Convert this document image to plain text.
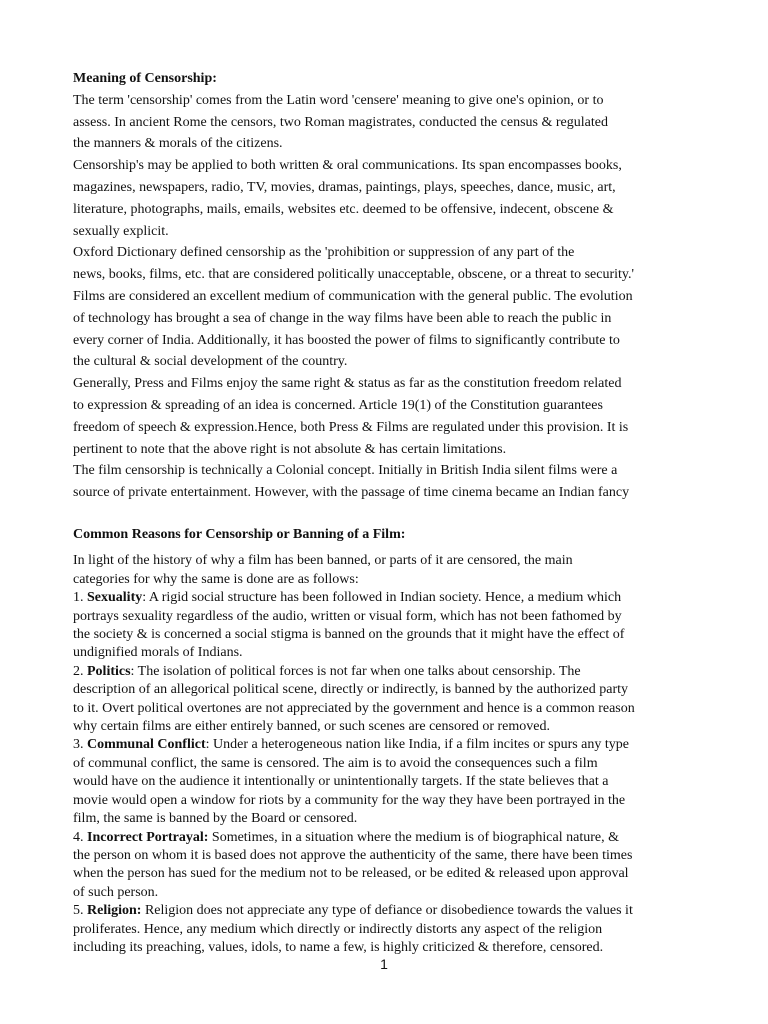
Meaning of Censorship:
The term 'censorship' comes from the Latin word 'censere' meaning to give one's opinion, or to
assess. In ancient Rome the censors, two Roman magistrates, conducted the census & regulated
the manners & morals of the citizens.
Censorship's may be applied to both written & oral communications. Its span encompasses books,
magazines, newspapers, radio, TV, movies, dramas, paintings, plays, speeches, dance, music, art,
literature, photographs, mails, emails, websites etc. deemed to be offensive, indecent, obscene &
sexually explicit.
Oxford Dictionary defined censorship as the 'prohibition or suppression of any part of the
news, books, films, etc. that are considered politically unacceptable, obscene, or a threat to security.'
Films are considered an excellent medium of communication with the general public. The evolution
of technology has brought a sea of change in the way films have been able to reach the public in
every corner of India. Additionally, it has boosted the power of films to significantly contribute to
the cultural & social development of the country.
Generally, Press and Films enjoy the same right & status as far as the constitution freedom related
to expression & spreading of an idea is concerned. Article 19(1) of the Constitution guarantees
freedom of speech & expression.Hence, both Press & Films are regulated under this provision. It is
pertinent to note that the above right is not absolute & has certain limitations.
The film censorship is technically a Colonial concept. Initially in British India silent films were a
source of private entertainment. However, with the passage of time cinema became an Indian fancy
Common Reasons for Censorship or Banning of a Film:
In light of the history of why a film has been banned, or parts of it are censored, the main
categories for why the same is done are as follows:
1. Sexuality: A rigid social structure has been followed in Indian society. Hence, a medium which
portrays sexuality regardless of the audio, written or visual form, which has not been fathomed by
the society & is concerned a social stigma is banned on the grounds that it might have the effect of
undignified morals of Indians.
2. Politics: The isolation of political forces is not far when one talks about censorship. The
description of an allegorical political scene, directly or indirectly, is banned by the authorized party
to it. Overt political overtones are not appreciated by the government and hence is a common reason
why certain films are either entirely banned, or such scenes are censored or removed.
3. Communal Conflict: Under a heterogeneous nation like India, if a film incites or spurs any type
of communal conflict, the same is censored. The aim is to avoid the consequences such a film
would have on the audience it intentionally or unintentionally targets. If the state believes that a
movie would open a window for riots by a community for the way they have been portrayed in the
film, the same is banned by the Board or censored.
4. Incorrect Portrayal: Sometimes, in a situation where the medium is of biographical nature, &
the person on whom it is based does not approve the authenticity of the same, there have been times
when the person has sued for the medium not to be released, or be edited & released upon approval
of such person.
5. Religion: Religion does not appreciate any type of defiance or disobedience towards the values it
proliferates. Hence, any medium which directly or indirectly distorts any aspect of the religion
including its preaching, values, idols, to name a few, is highly criticized & therefore, censored.
1
